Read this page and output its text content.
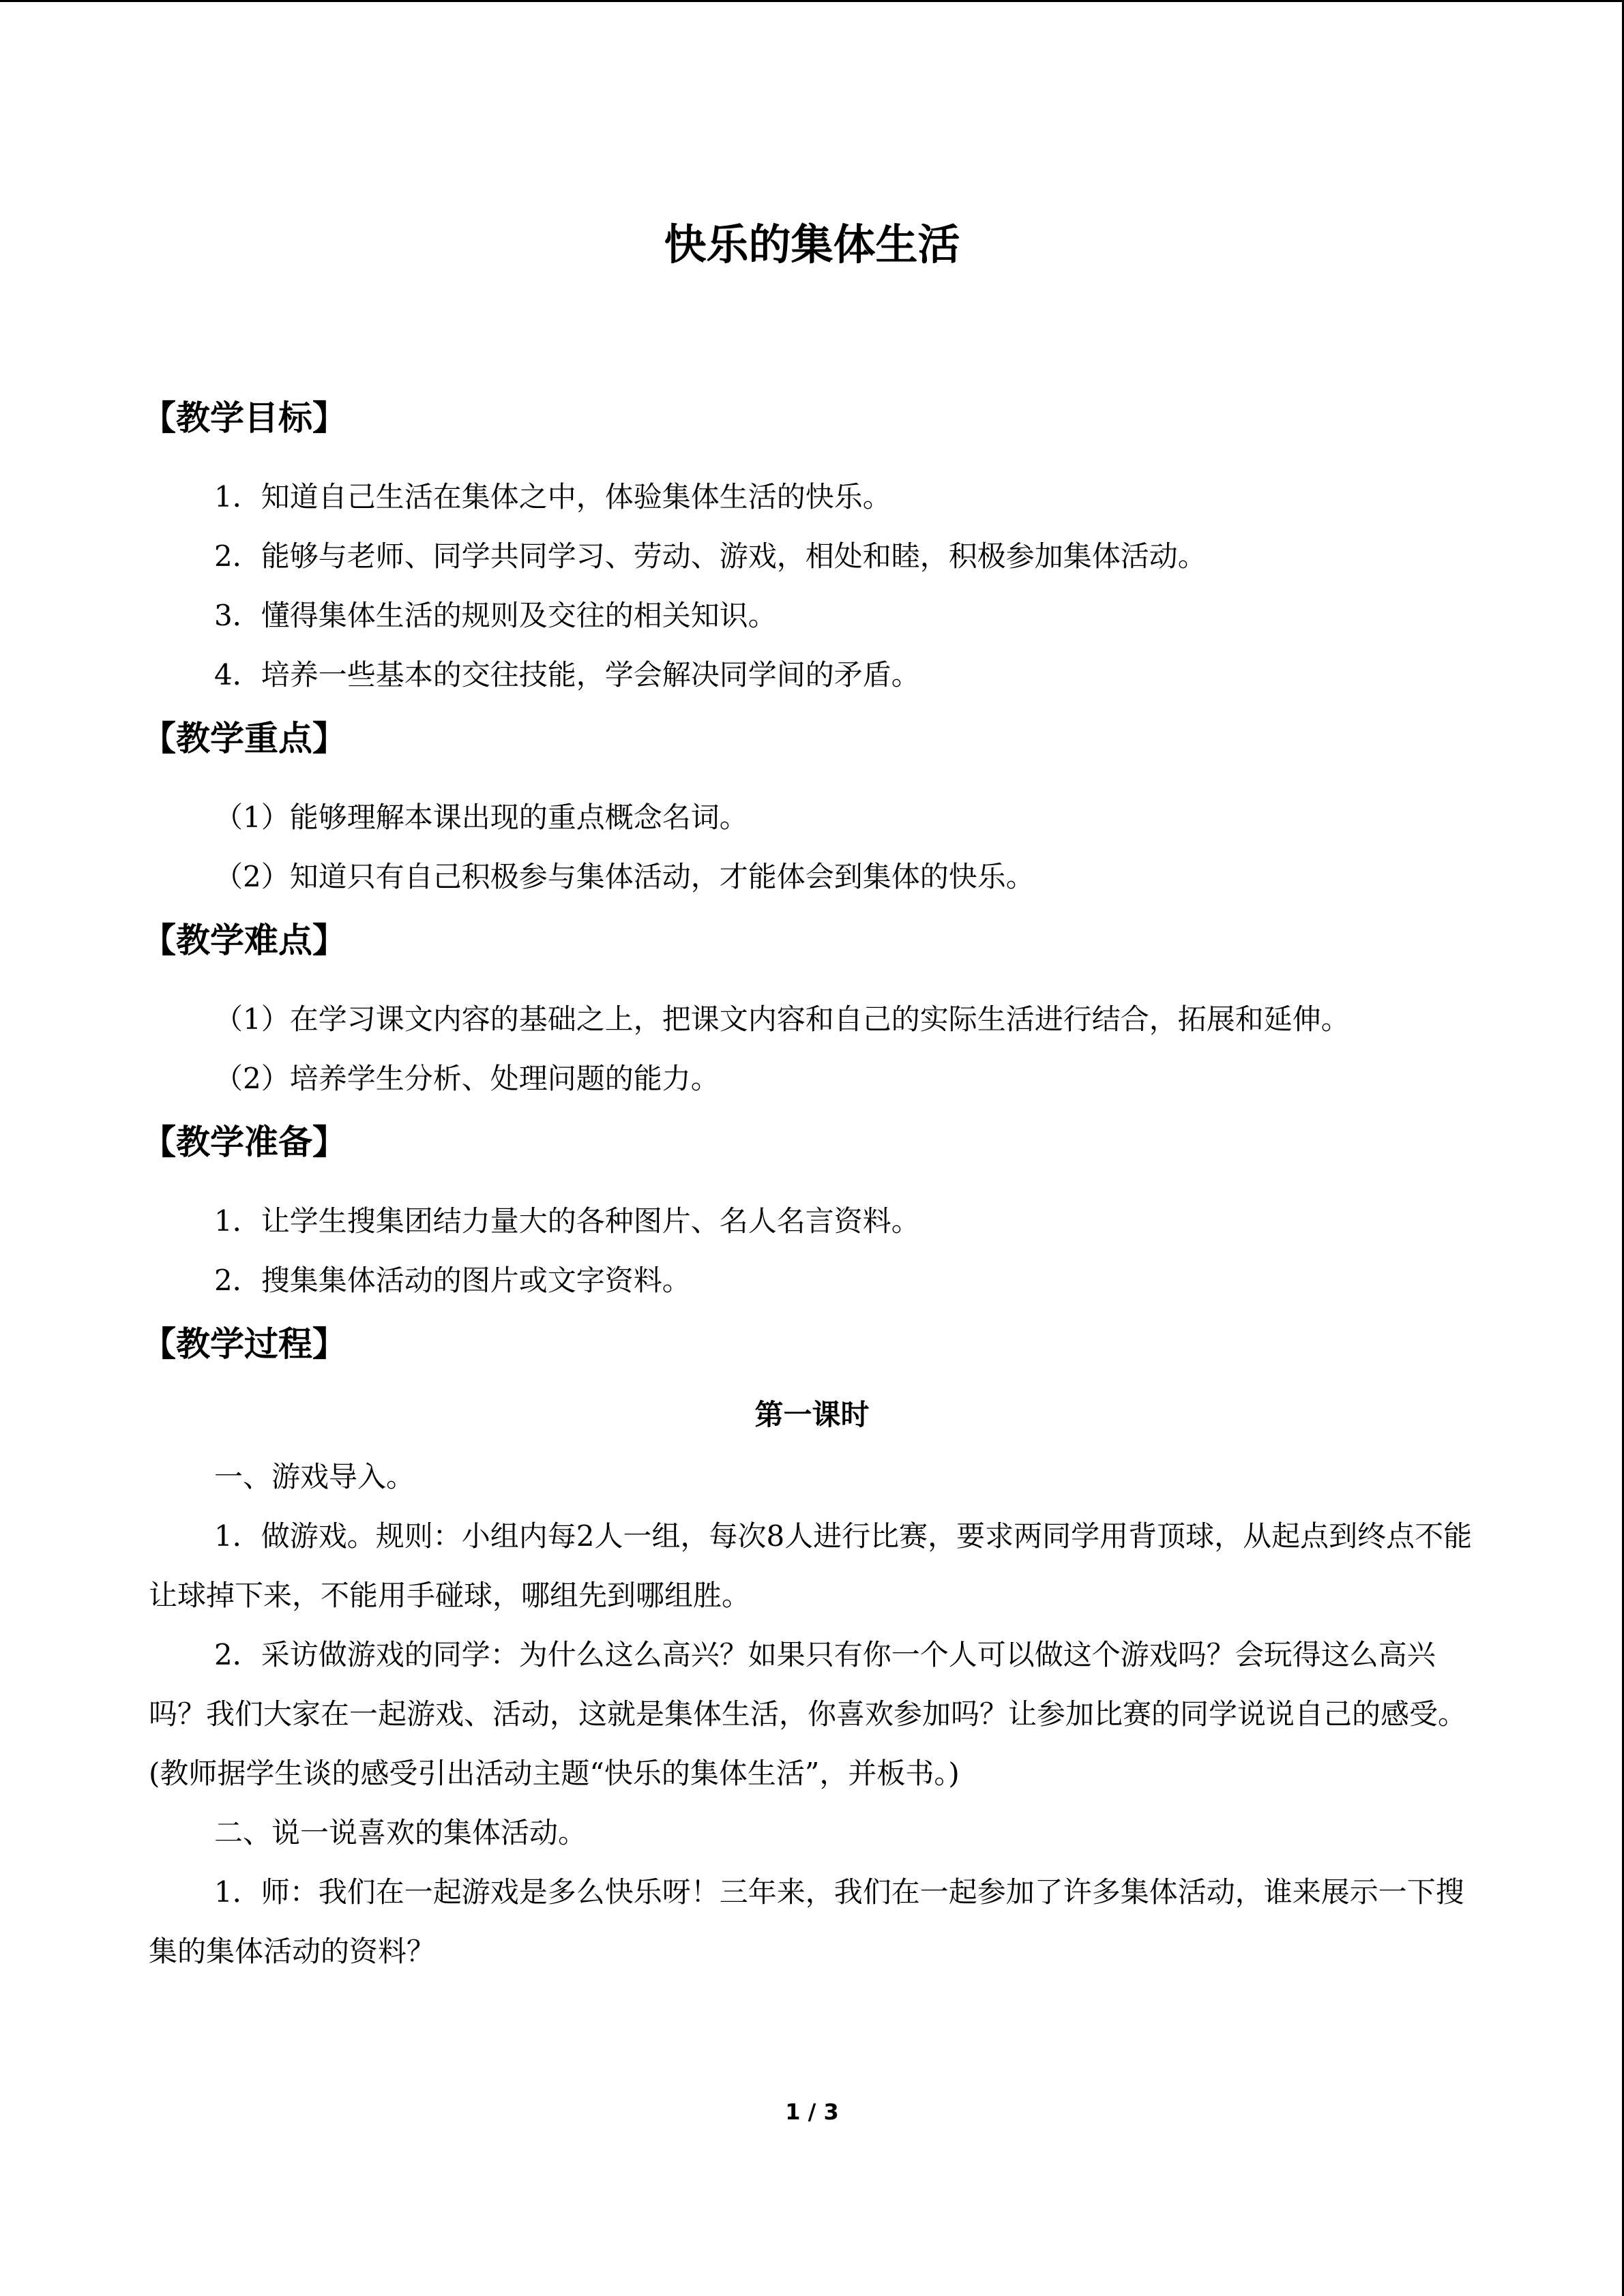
快乐的集体生活
【教学目标】

1．知道自己生活在集体之中，体验集体生活的快乐。

2．能够与老师、同学共同学习、劳动、游戏，相处和睦，积极参加集体活动。

3．懂得集体生活的规则及交往的相关知识。

4．培养一些基本的交往技能，学会解决同学间的矛盾。

【教学重点】

（1）能够理解本课出现的重点概念名词。

（2）知道只有自己积极参与集体活动，才能体会到集体的快乐。

【教学难点】

（1）在学习课文内容的基础之上，把课文内容和自己的实际生活进行结合，拓展和延伸。

（2）培养学生分析、处理问题的能力。

【教学准备】

1．让学生搜集团结力量大的各种图片、名人名言资料。

2．搜集集体活动的图片或文字资料。

【教学过程】

第一课时

一、游戏导入。

1．做游戏。规则：小组内每2人一组，每次8人进行比赛，要求两同学用背顶球，从起点到终点不能让球掉下来，不能用手碰球，哪组先到哪组胜。

2．采访做游戏的同学：为什么这么高兴？如果只有你一个人可以做这个游戏吗？会玩得这么高兴吗？我们大家在一起游戏、活动，这就是集体生活，你喜欢参加吗？让参加比赛的同学说说自己的感受。(教师据学生谈的感受引出活动主题“快乐的集体生活”，并板书。)

二、说一说喜欢的集体活动。

1．师：我们在一起游戏是多么快乐呀！三年来，我们在一起参加了许多集体活动，谁来展示一下搜集的集体活动的资料？

1 / 3
